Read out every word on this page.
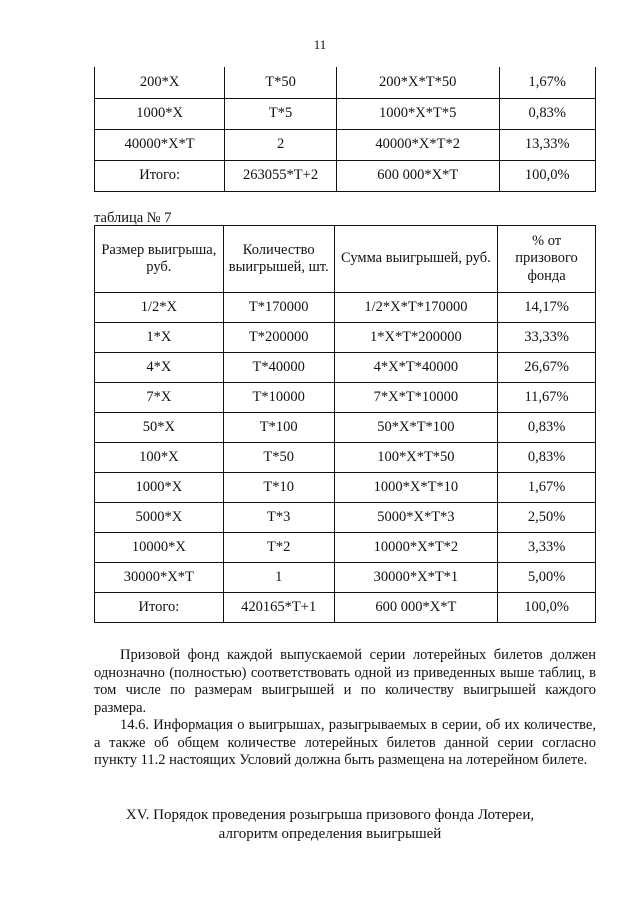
11
200*X	T*50	200*X*T*50	1,67%
1000*X	T*5	1000*X*T*5	0,83%
40000*X*T	2	40000*X*T*2	13,33%
Итого:	263055*T+2	600 000*X*T	100,0%
таблица № 7
Размер выигрыша, руб.	Количество выигрышей, шт.	Сумма выигрышей, руб.	% от призового фонда
1/2*X	T*170000	1/2*X*T*170000	14,17%
1*X	T*200000	1*X*T*200000	33,33%
4*X	T*40000	4*X*T*40000	26,67%
7*X	T*10000	7*X*T*10000	11,67%
50*X	T*100	50*X*T*100	0,83%
100*X	T*50	100*X*T*50	0,83%
1000*X	T*10	1000*X*T*10	1,67%
5000*X	T*3	5000*X*T*3	2,50%
10000*X	T*2	10000*X*T*2	3,33%
30000*X*T	1	30000*X*T*1	5,00%
Итого:	420165*T+1	600 000*X*T	100,0%
Призовой фонд каждой выпускаемой серии лотерейных билетов должен однозначно (полностью) соответствовать одной из приведенных выше таблиц, в том числе по размерам выигрышей и по количеству выигрышей каждого размера.
14.6. Информация о выигрышах, разыгрываемых в серии, об их количестве, а также об общем количестве лотерейных билетов данной серии согласно пункту 11.2 настоящих Условий должна быть размещена на лотерейном билете.
XV. Порядок проведения розыгрыша призового фонда Лотереи,
алгоритм определения выигрышей
